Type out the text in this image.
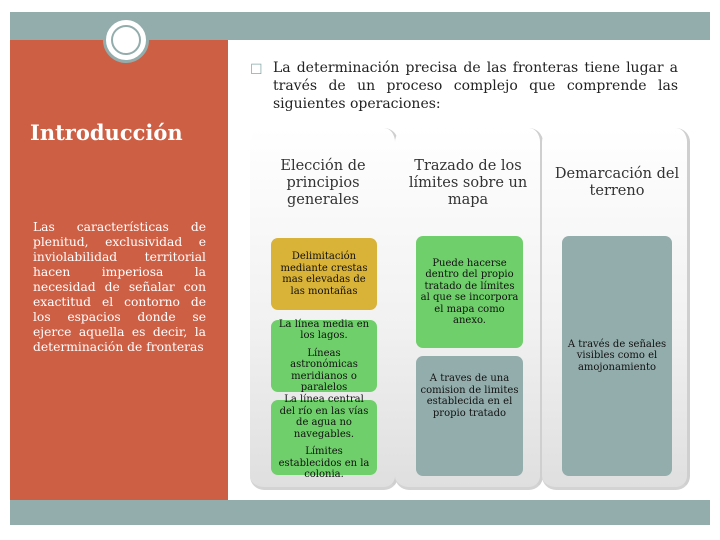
Introducción
Las características de plenitud, exclusividad e inviolabilidad territorial hacen imperiosa la necesidad de señalar con exactitud el contorno de los espacios donde se ejerce aquella es decir, la determinación de fronteras
☐ La determinación precisa de las fronteras tiene lugar a través de un proceso complejo que comprende las siguientes operaciones:
Elección de principios generales
Delimitación mediante crestas mas elevadas de las montañas
La línea media en los lagos.
Líneas astronómicas meridianos o paralelos
La línea central del río en las vías de agua no navegables.
Límites establecidos en la colonia.
Trazado de los límites sobre un mapa
Puede hacerse dentro del propio tratado de límites al que se incorpora el mapa como anexo.
A traves de una comision de limites establecida en el propio tratado
Demarcación del terreno
A través de señales visibles como el amojonamiento
